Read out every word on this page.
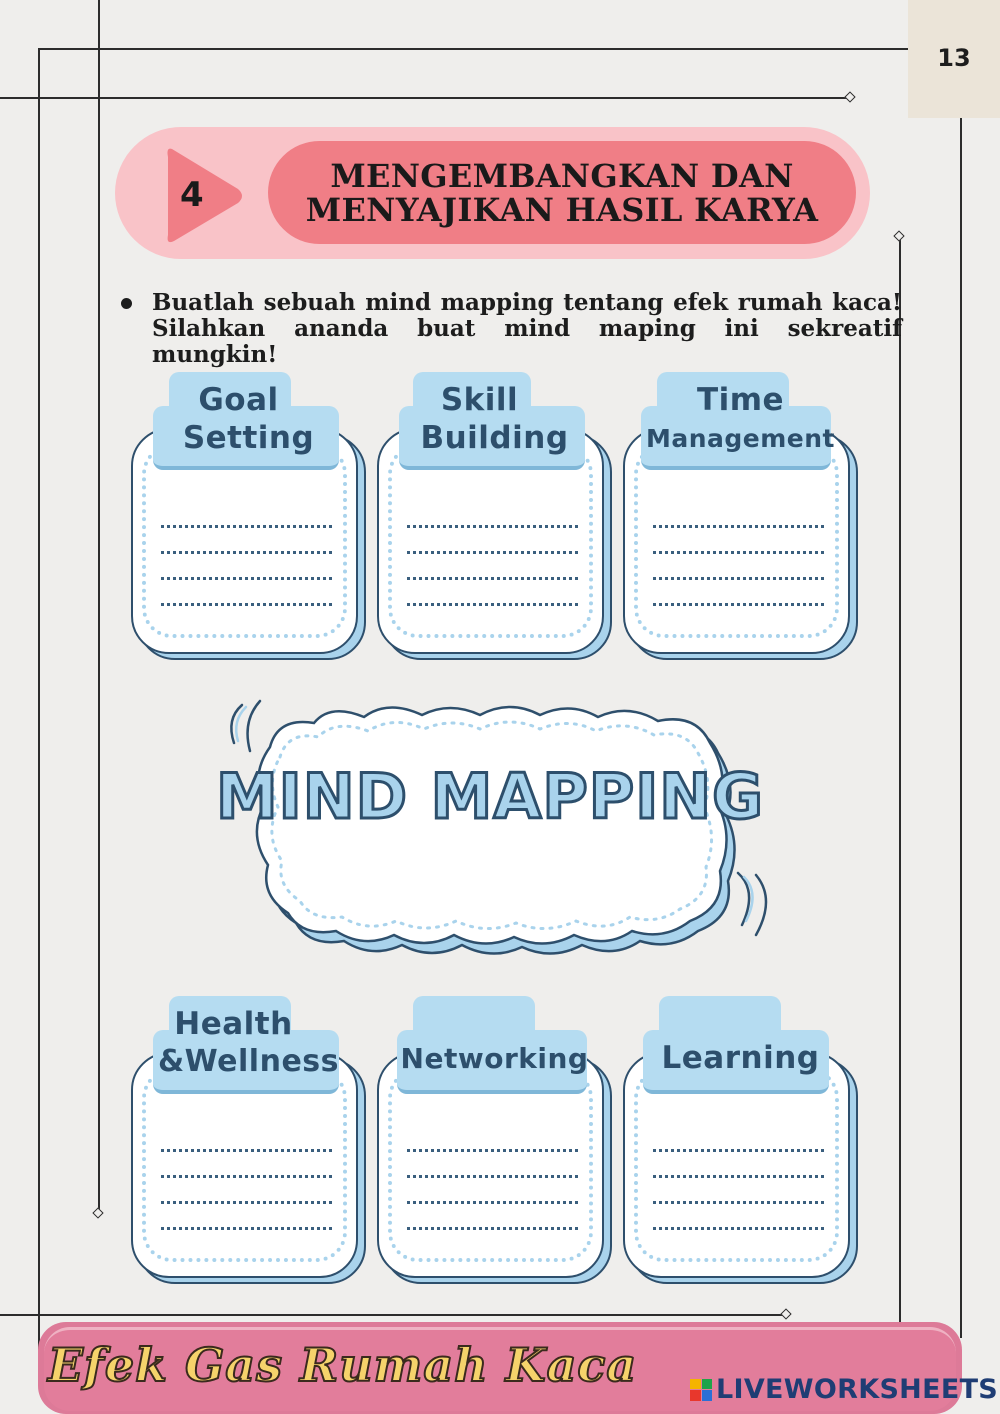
13
4	MENGEMBANGKAN DAN
MENYAJIKAN HASIL KARYA
Buatlah sebuah mind mapping tentang efek rumah kaca! Silahkan ananda buat mind maping ini sekreatif mungkin!
Goal
Setting
Skill
Building
Time
Management
MIND MAPPING
Health
&Wellness	Networking	Learning
Efek Gas Rumah Kaca	LIVEWORKSHEETS
